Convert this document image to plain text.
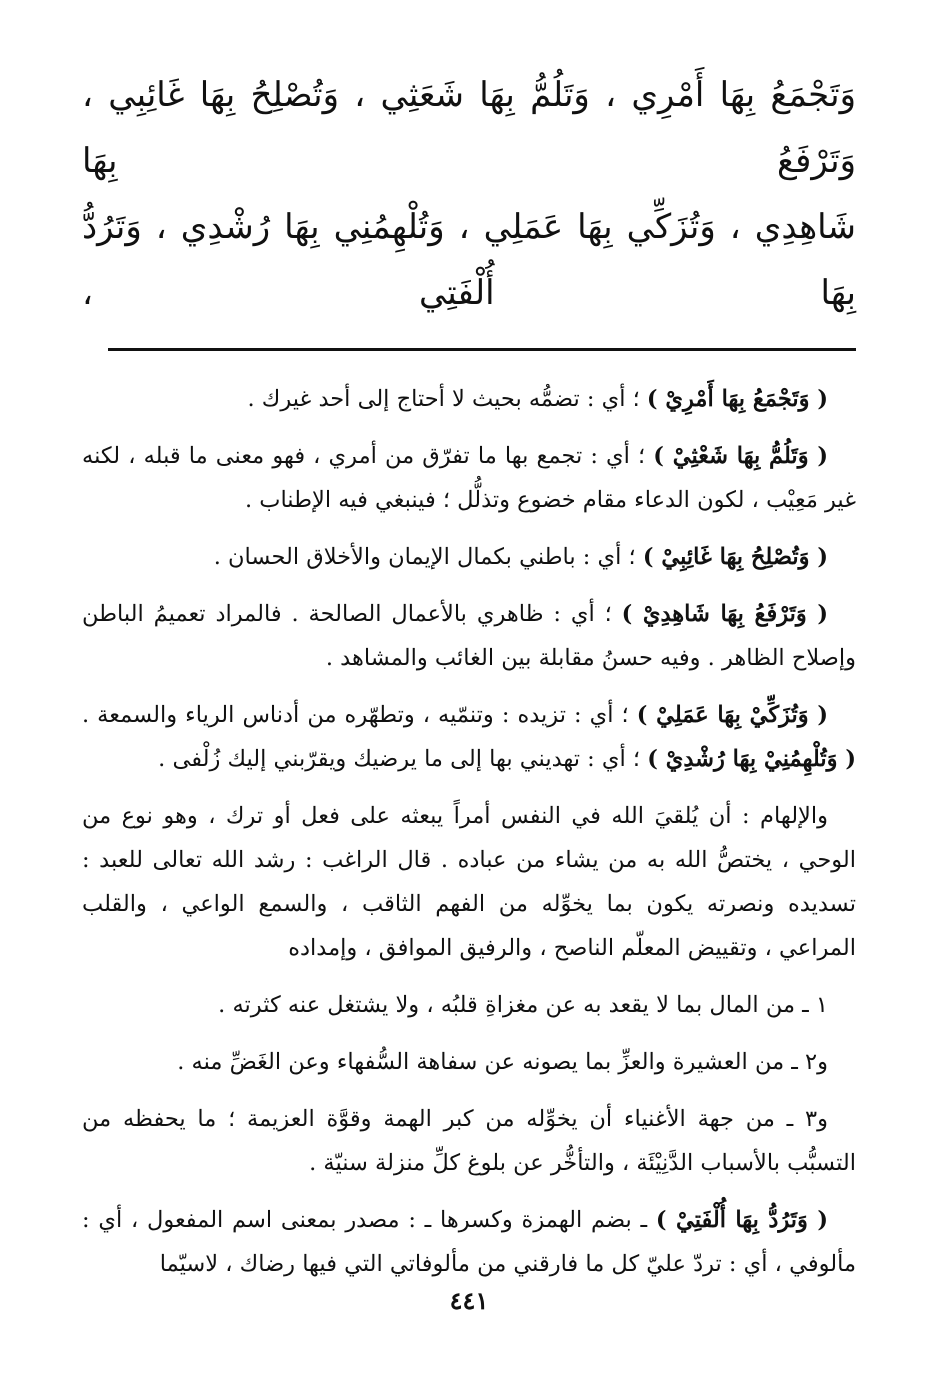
وَتَجْمَعُ بِهَا أَمْرِي ، وَتَلُمُّ بِهَا شَعَثِي ، وَتُصْلِحُ بِهَا غَائِبِي ، وَتَرْفَعُ بِهَا
شَاهِدِي ، وَتُزَكِّي بِهَا عَمَلِي ، وَتُلْهِمُنِي بِهَا رُشْدِي ، وَتَرُدُّ بِهَا أُلْفَتِي ،

( وَتَجْمَعُ بِهَا أَمْرِيْ ) ؛ أي : تضمُّه بحيث لا أحتاج إلى أحد غيرك .

( وَتَلُمُّ بِهَا شَعْثِيْ ) ؛ أي : تجمع بها ما تفرّق من أمري ، فهو معنى ما قبله ، لكنه غير مَعِيْب ، لكون الدعاء مقام خضوع وتذلُّل ؛ فينبغي فيه الإطناب .

( وَتُصْلِحُ بِهَا غَائِبِيْ ) ؛ أي : باطني بكمال الإيمان والأخلاق الحسان .

( وَتَرْفَعُ بِهَا شَاهِدِيْ ) ؛ أي : ظاهري بالأعمال الصالحة . فالمراد تعميمُ الباطن وإصلاح الظاهر . وفيه حسنُ مقابلة بين الغائب والمشاهد .

( وَتُزَكِّيْ بِهَا عَمَلِيْ ) ؛ أي : تزيده : وتنمّيه ، وتطهّره من أدناس الرياء والسمعة . ( وَتُلْهِمُنِيْ بِهَا رُشْدِيْ ) ؛ أي : تهديني بها إلى ما يرضيك ويقرّبني إليك زُلْفى .

والإلهام : أن يُلقيَ الله في النفس أمراً يبعثه على فعل أو ترك ، وهو نوع من الوحي ، يختصُّ الله به من يشاء من عباده . قال الراغب : رشد الله تعالى للعبد : تسديده ونصرته يكون بما يخوِّله من الفهم الثاقب ، والسمع الواعي ، والقلب المراعي ، وتقييض المعلّم الناصح ، والرفيق الموافق ، وإمداده

١ ـ من المال بما لا يقعد به عن مغزاةِ قلبُه ، ولا يشتغل عنه كثرته .

و٢ ـ من العشيرة والعزِّ بما يصونه عن سفاهة السُّفهاء وعن الغَضِّ منه .

و٣ ـ من جهة الأغنياء أن يخوِّله من كبر الهمة وقوَّة العزيمة ؛ ما يحفظه من التسبُّب بالأسباب الدَّنِيْئَة ، والتأخُّر عن بلوغ كلِّ منزلة سنيّة .

( وَتَرُدُّ بِهَا أُلْفَتِيْ ) ـ بضم الهمزة وكسرها ـ : مصدر بمعنى اسم المفعول ، أي : مألوفي ، أي : تردّ عليّ كل ما فارقني من مألوفاتي التي فيها رضاك ، لاسيّما

٤٤١
